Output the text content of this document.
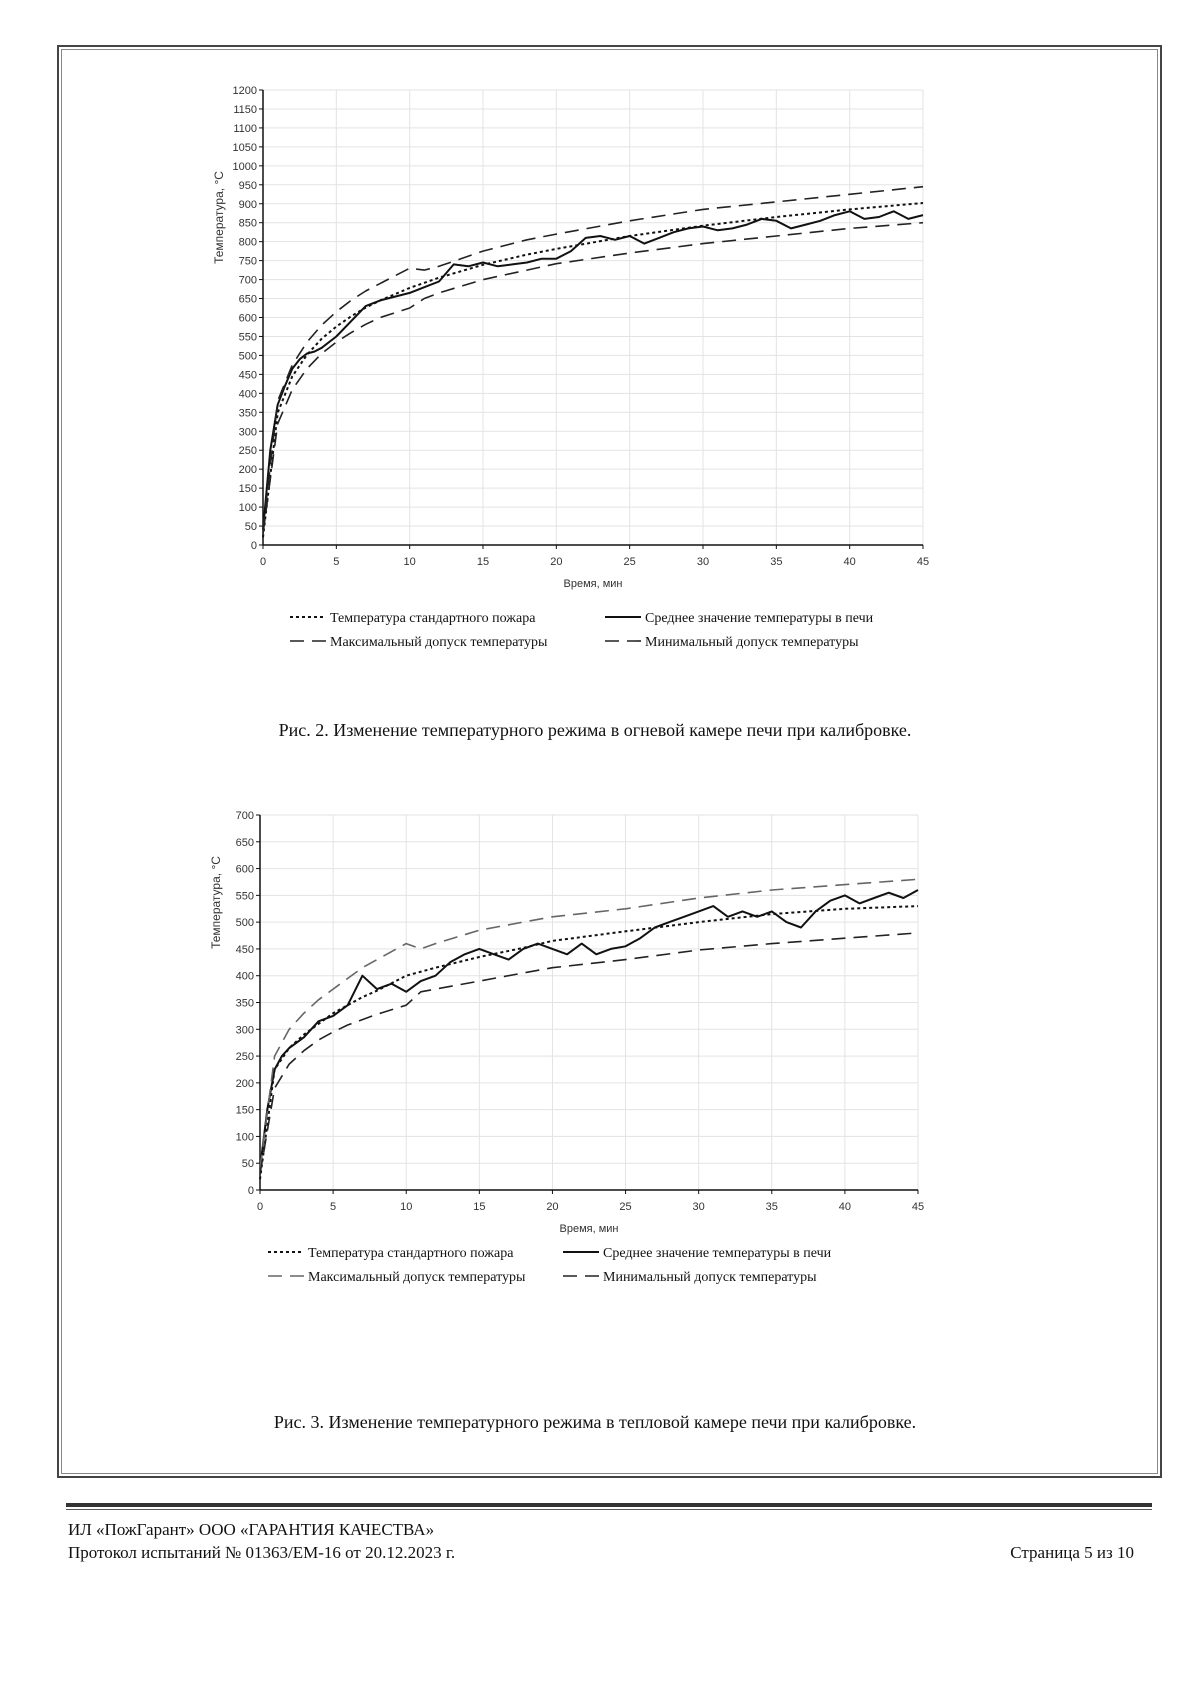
0
50
100
150
200
250
300
350
400
450
500
550
600
650
700
750
800
850
900
950
1000
1050
1100
1150
1200
0	5	10	15	20	25	30	35	40	45
Время, мин
Температура, °C
Температура стандартного пожара	Среднее значение температуры в печи
Максимальный допуск температуры	Минимальный допуск температуры
Рис. 2. Изменение температурного режима в огневой камере печи при калибровке.
0
50
100
150
200
250
300
350
400
450
500
550
600
650
700
0	5	10	15	20	25	30	35	40	45
Время, мин
Температура, °C
Температура стандартного пожара	Среднее значение температуры в печи
Максимальный допуск температуры	Минимальный допуск температуры
Рис. 3. Изменение температурного режима в тепловой камере печи при калибровке.
ИЛ «ПожГарант» ООО «ГАРАНТИЯ КАЧЕСТВА»
Протокол испытаний № 01363/ЕМ-16 от 20.12.2023 г.	Страница 5 из 10
